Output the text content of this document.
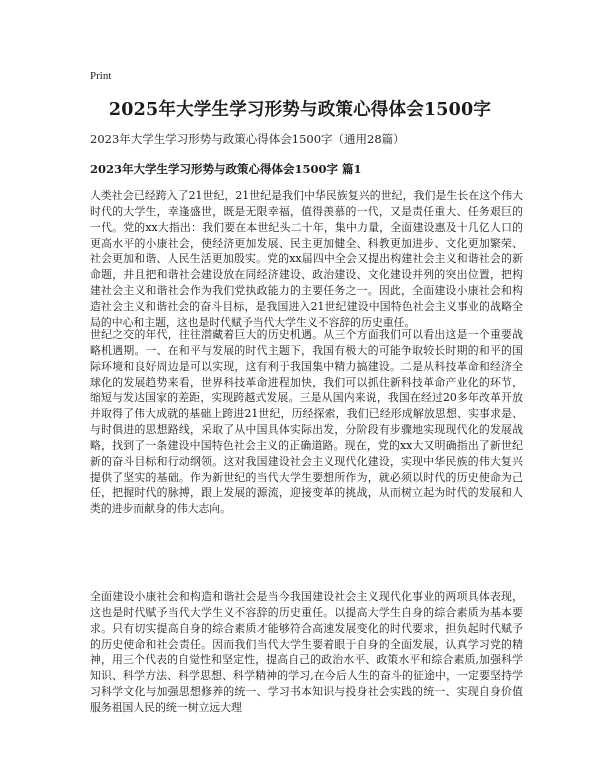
Print
2025年大学生学习形势与政策心得体会1500字

2023年大学生学习形势与政策心得体会1500字（通用28篇）

2023年大学生学习形势与政策心得体会1500字 篇1

人类社会已经跨入了21世纪，21世纪是我们中华民族复兴的世纪，我们是生长在这个伟大时代的大学生，幸逢盛世，既是无限幸福，值得羡慕的一代，又是责任重大、任务艰巨的一代。党的xx大指出：我们要在本世纪头二十年，集中力量，全面建设惠及十几亿人口的更高水平的小康社会，使经济更加发展、民主更加健全、科教更加进步、文化更加繁荣、社会更加和谐、人民生活更加殷实。党的xx届四中全会又提出构建社会主义和谐社会的新命题，并且把和谐社会建设放在同经济建设、政治建设、文化建设并列的突出位置，把构建社会主义和谐社会作为我们党执政能力的主要任务之一。因此，全面建设小康社会和构造社会主义和谐社会的奋斗目标，是我国进入21世纪建设中国特色社会主义事业的战略全局的中心和主题，这也是时代赋予当代大学生义不容辞的历史重任。

世纪之交的年代，往往潜藏着巨大的历史机遇。从三个方面我们可以看出这是一个重要战略机遇期。一、在和平与发展的时代主题下，我国有极大的可能争取较长时期的和平的国际环境和良好周边是可以实现，这有利于我国集中精力搞建设。二是从科技革命和经济全球化的发展趋势来看，世界科技革命进程加快，我们可以抓住新科技革命产业化的环节，缩短与发达国家的差距，实现跨越式发展。三是从国内来说，我国在经过20多年改革开放并取得了伟大成就的基础上跨进21世纪，历经探索，我们已经形成解放思想、实事求是、与时俱进的思想路线，采取了从中国具体实际出发，分阶段有步骤地实现现代化的发展战略，找到了一条建设中国特色社会主义的正确道路。现在，党的xx大又明确指出了新世纪新的奋斗目标和行动纲领。这对我国建设社会主义现代化建设，实现中华民族的伟大复兴提供了坚实的基础。作为新世纪的当代大学生要想所作为，就必须以时代的历史使命为己任，把握时代的脉搏，跟上发展的源流，迎接变革的挑战，从而树立起为时代的发展和人类的进步而献身的伟大志向。

全面建设小康社会和构造和谐社会是当今我国建设社会主义现代化事业的两项具体表现，这也是时代赋予当代大学生义不容辞的历史重任。以提高大学生自身的综合素质为基本要求。只有切实提高自身的综合素质才能够符合高速发展变化的时代要求，担负起时代赋予的历史使命和社会责任。因而我们当代大学生要着眼于自身的全面发展，认真学习党的精神，用三个代表的自觉性和坚定性，提高自己的政治水平、政策水平和综合素质,加强科学知识、科学方法、科学思想、科学精神的学习,在今后人生的奋斗的征途中，一定要坚持学习科学文化与加强思想修养的统一、学习书本知识与投身社会实践的统一、实现自身价值服务祖国人民的统一树立远大理
